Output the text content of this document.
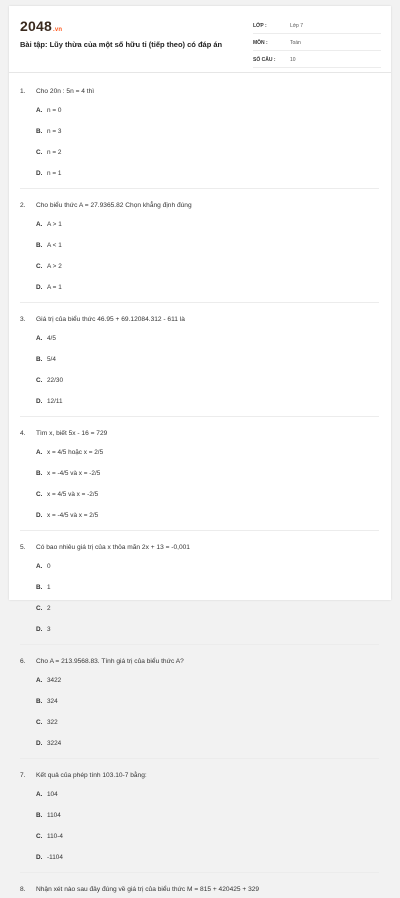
2048.vn
Bài tập: Lũy thừa của một số hữu tỉ (tiếp theo) có đáp án
LỚP :	Lớp 7
MÔN :	Toán
SỐ CÂU :	10
1.	Cho 20n : 5n = 4 thì
A. n = 0
B. n = 3
C. n = 2
D. n = 1
2.	Cho biểu thức A = 27.9365.82 Chọn khẳng định đúng
A. A > 1
B. A < 1
C. A > 2
D. A = 1
3.	Giá trị của biểu thức 46.95 + 69.12084.312 - 611 là
A. 4/5
B. 5/4
C. 22/30
D. 12/11
4.	Tìm x, biết 5x - 16 = 729
A. x = 4/5 hoặc x = 2/5
B. x = -4/5 và x = -2/5
C. x = 4/5 và x = -2/5
D. x = -4/5 và x = 2/5
5.	Có bao nhiêu giá trị của x thỏa mãn 2x + 13 = -0,001
A. 0
B. 1
C. 2
D. 3
6.	Cho A = 213.9568.83. Tính giá trị của biểu thức A?
A. 3422
B. 324
C. 322
D. 3224
7.	Kết quả của phép tính 103.10-7 bằng:
A. 104
B. 1104
C. 110-4
D. -1104
8.	Nhận xét nào sau đây đúng về giá trị của biểu thức M = 815 + 420425 + 329
